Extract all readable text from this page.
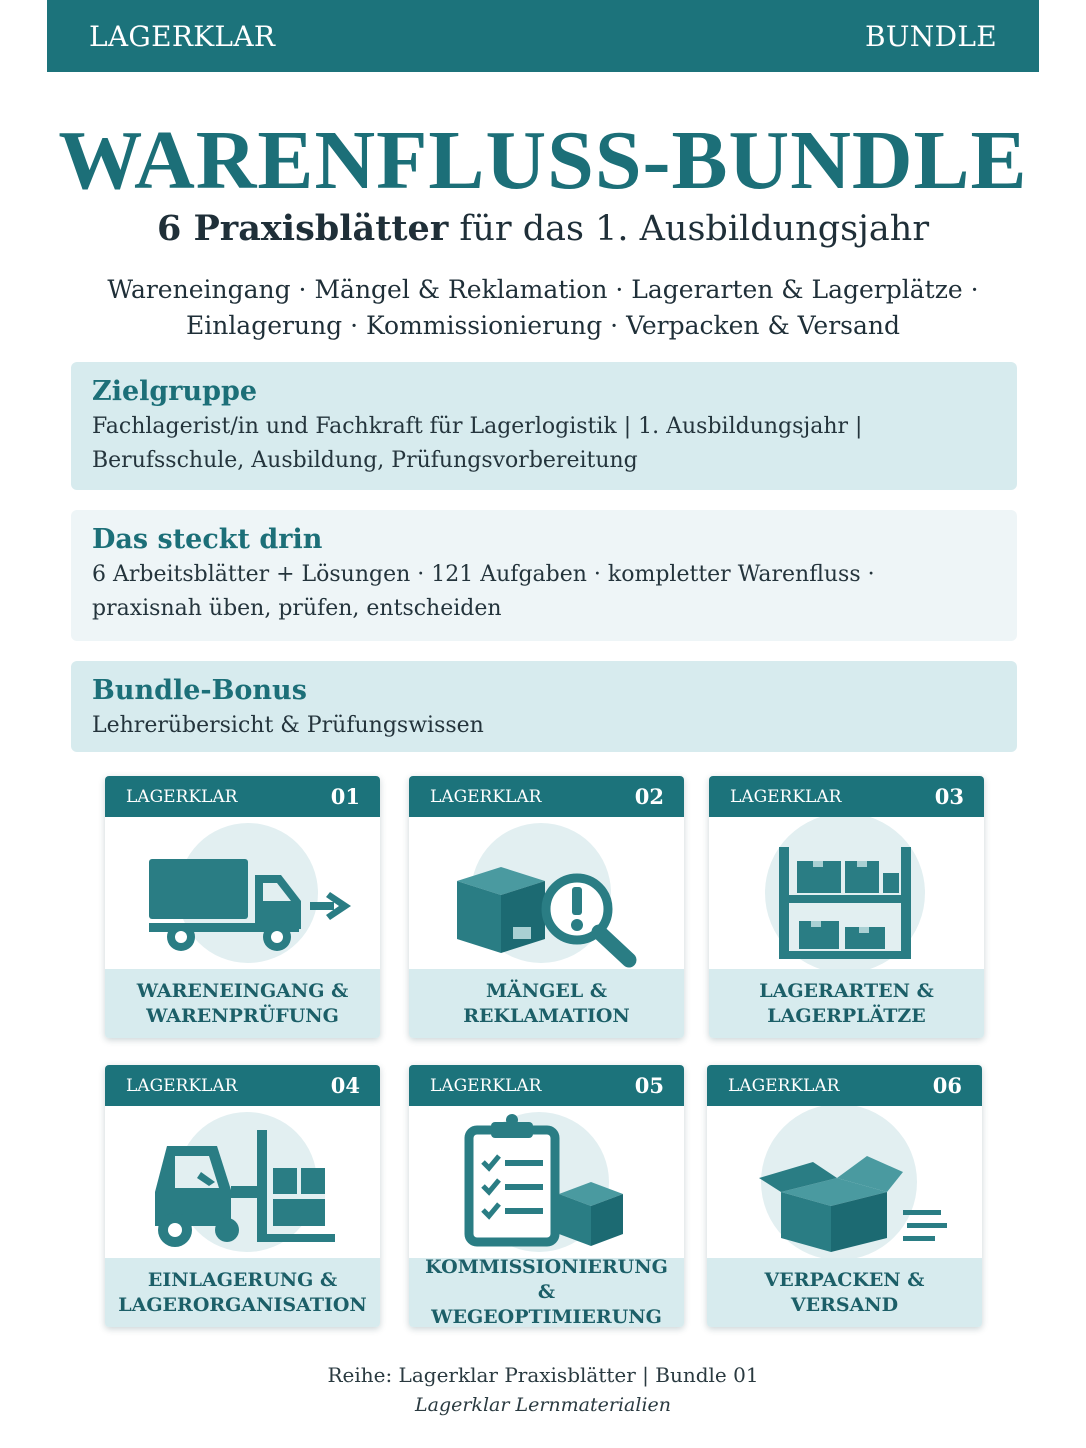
LAGERKLAR	BUNDLE
WARENFLUSS-BUNDLE
6 Praxisblätter für das 1. Ausbildungsjahr
Wareneingang · Mängel & Reklamation · Lagerarten & Lagerplätze ·
Einlagerung · Kommissionierung · Verpacken & Versand
Zielgruppe

Fachlagerist/in und Fachkraft für Lagerlogistik | 1. Ausbildungsjahr |

Berufsschule, Ausbildung, Prüfungsvorbereitung

Das steckt drin

6 Arbeitsblätter + Lösungen · 121 Aufgaben · kompletter Warenfluss ·

praxisnah üben, prüfen, entscheiden

Bundle-Bonus

Lehrerübersicht & Prüfungswissen

LAGERKLAR	01
WARENEINGANG &
WARENPRÜFUNG
LAGERKLAR	02
MÄNGEL &
REKLAMATION
LAGERKLAR	03
LAGERARTEN &
LAGERPLÄTZE
LAGERKLAR	04
EINLAGERUNG &
LAGERORGANISATION
LAGERKLAR	05
KOMMISSIONIERUNG &
WEGEOPTIMIERUNG
LAGERKLAR	06
VERPACKEN &
VERSAND
Reihe: Lagerklar Praxisblätter | Bundle 01
Lagerklar Lernmaterialien
